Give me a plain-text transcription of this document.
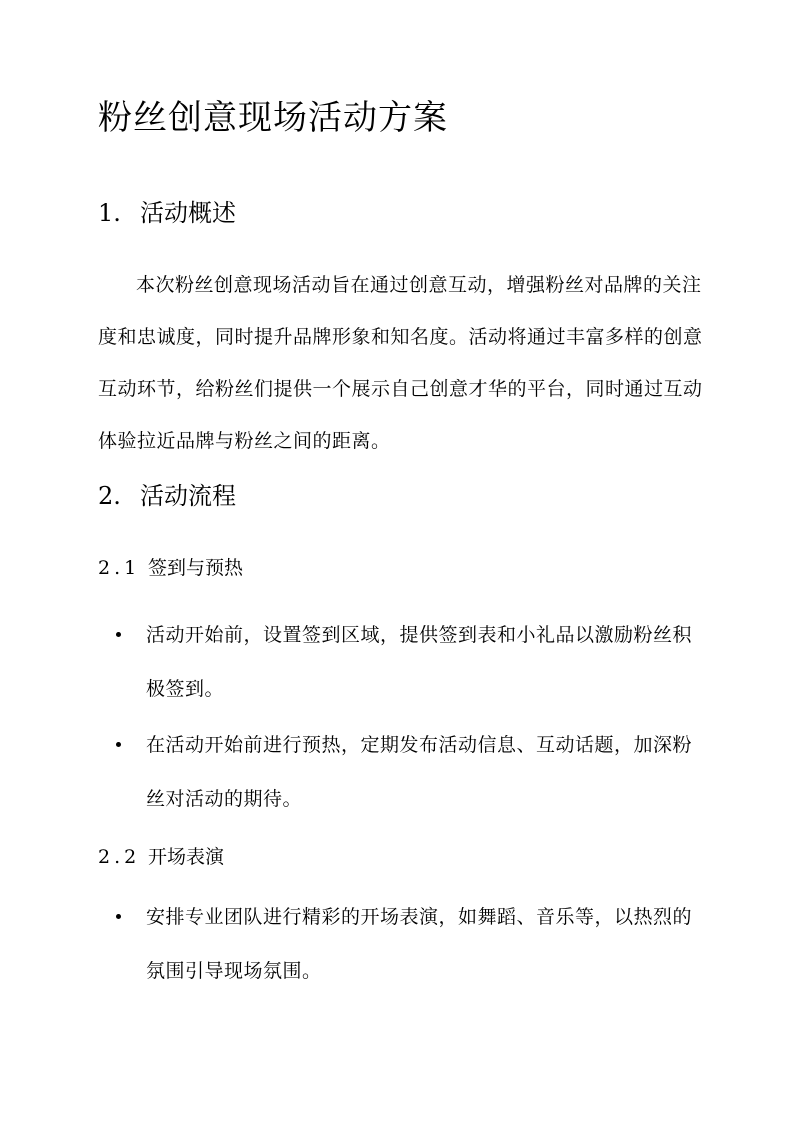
粉丝创意现场活动方案
1. 活动概述

本次粉丝创意现场活动旨在通过创意互动，增强粉丝对品牌的关注度和忠诚度，同时提升品牌形象和知名度。活动将通过丰富多样的创意互动环节，给粉丝们提供一个展示自己创意才华的平台，同时通过互动体验拉近品牌与粉丝之间的距离。

2. 活动流程
2.1 签到与预热
活动开始前，设置签到区域，提供签到表和小礼品以激励粉丝积极签到。
在活动开始前进行预热，定期发布活动信息、互动话题，加深粉丝对活动的期待。
2.2 开场表演
安排专业团队进行精彩的开场表演，如舞蹈、音乐等，以热烈的氛围引导现场氛围。
